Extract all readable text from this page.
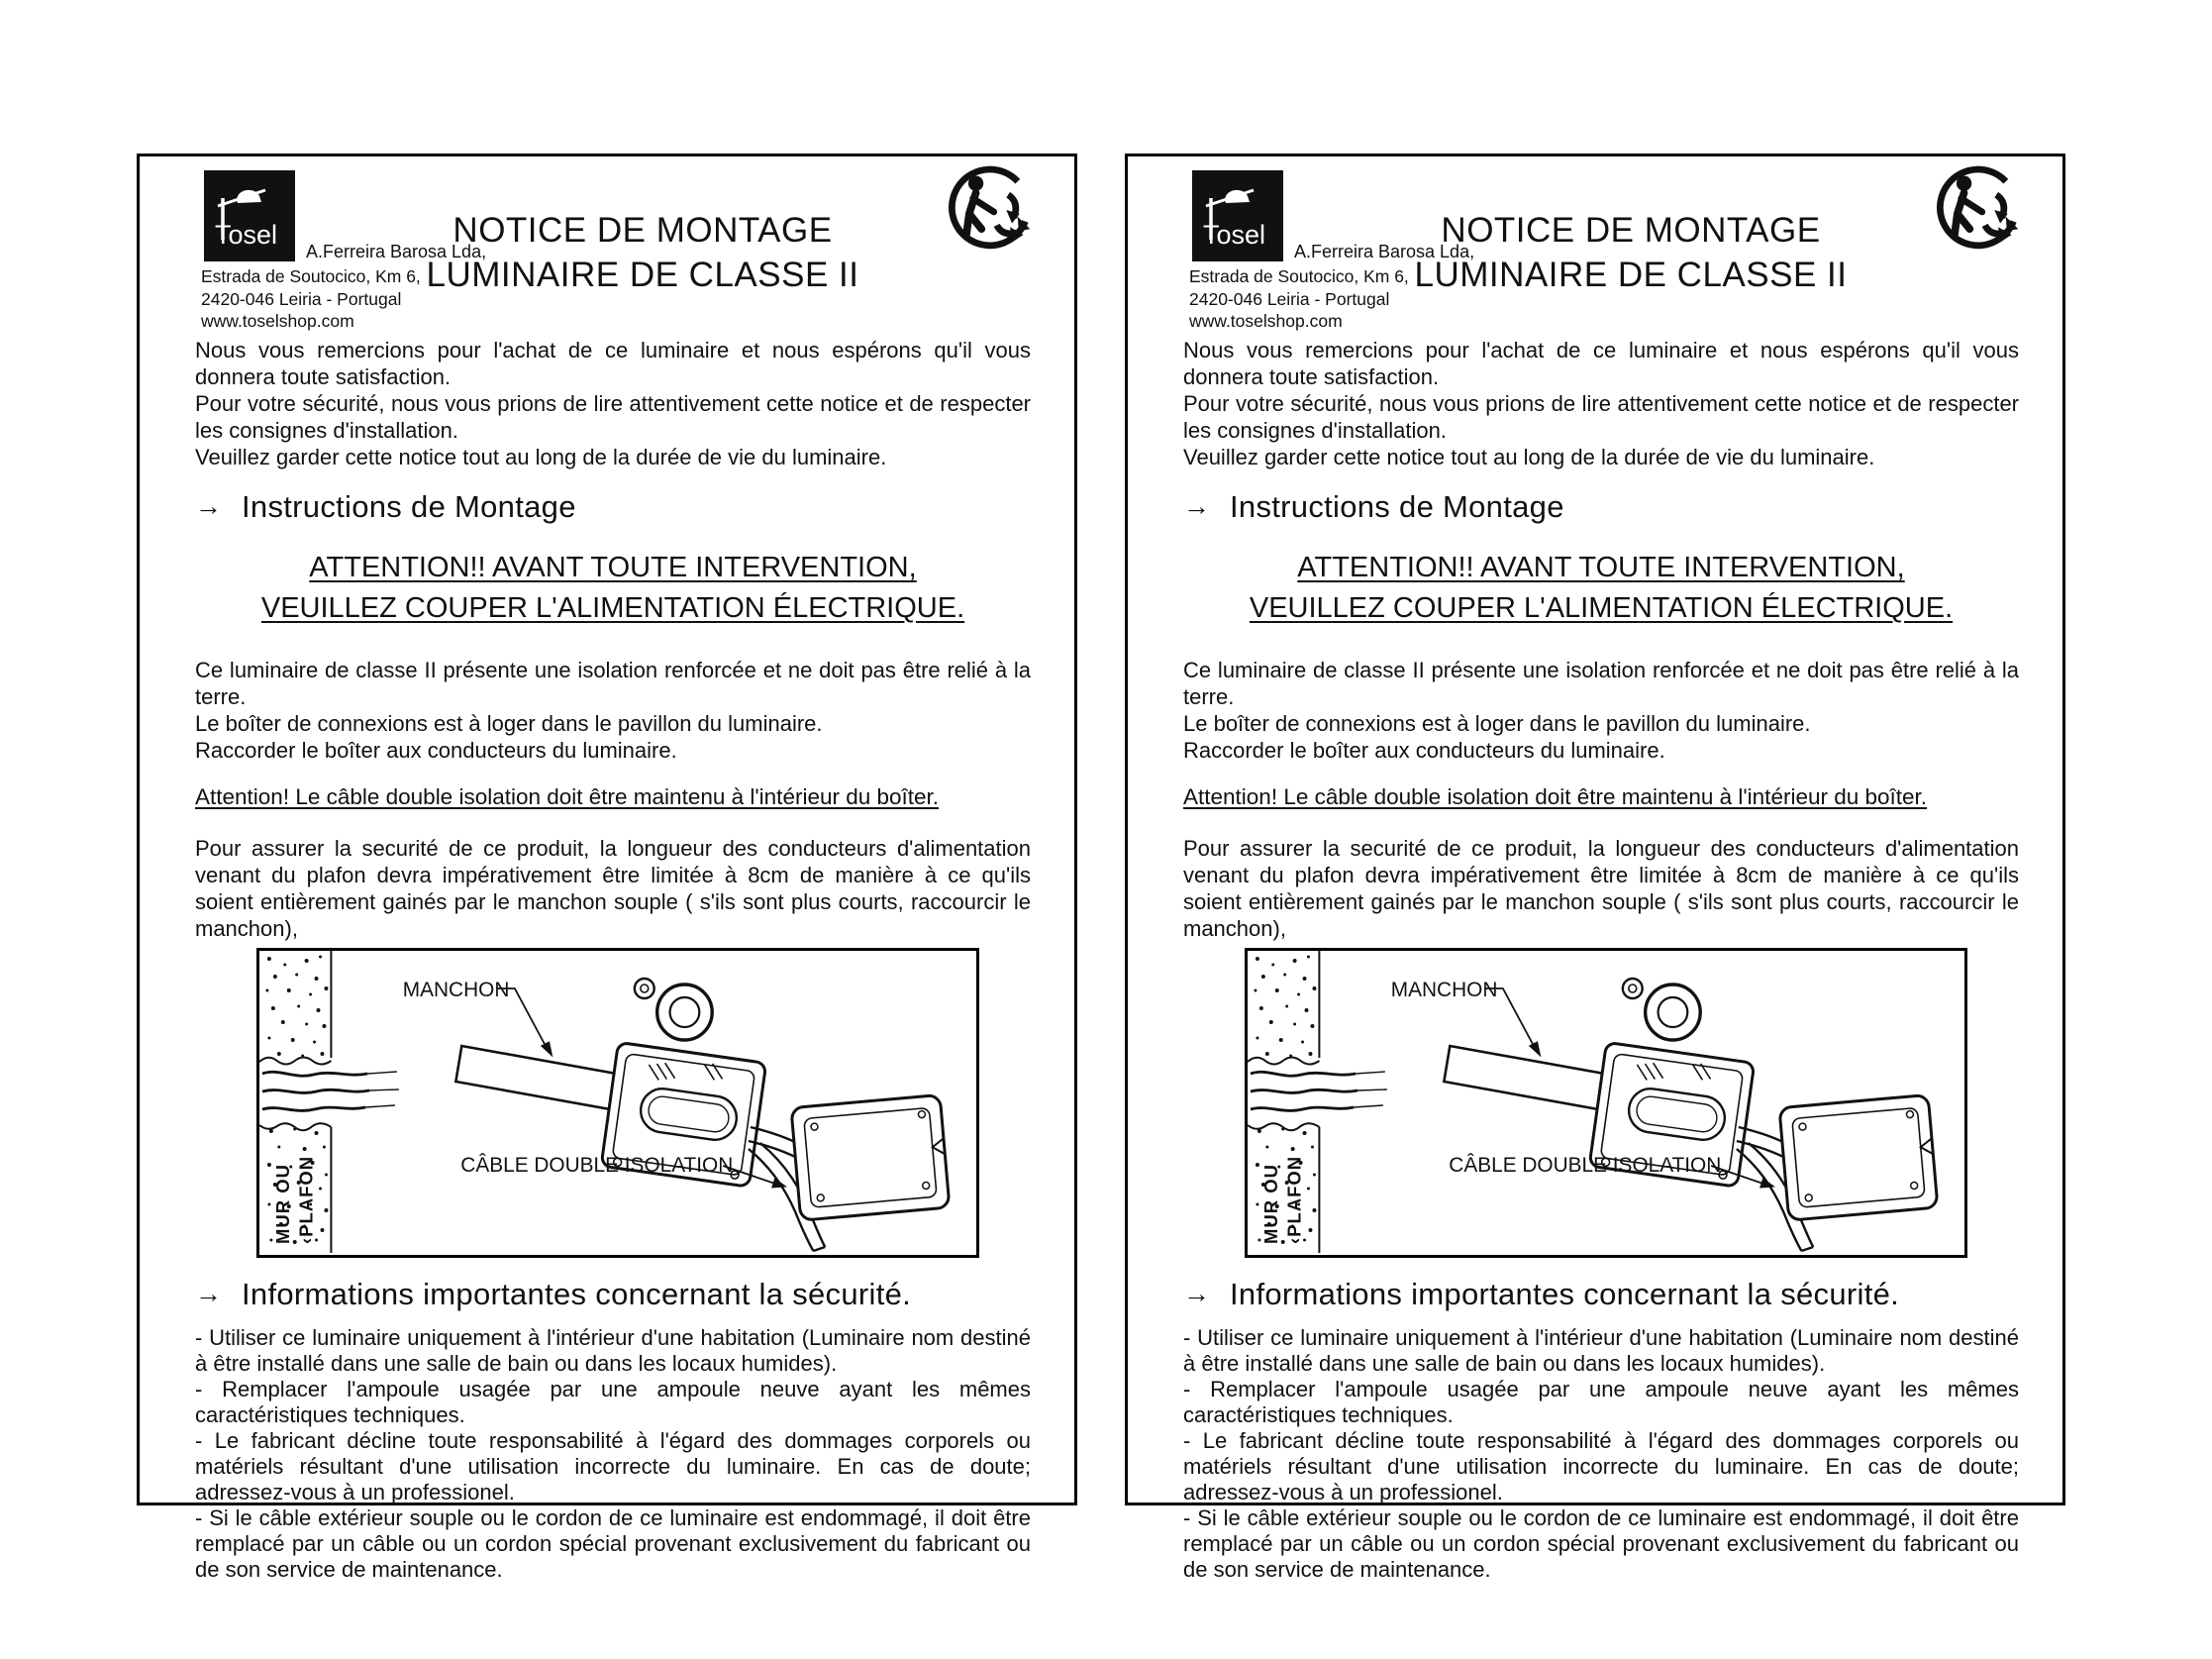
Tosel
A.Ferreira Barosa Lda,
Estrada de Soutocico, Km 6,
2420-046 Leiria - Portugal
www.toselshop.com
NOTICE DE MONTAGE
LUMINAIRE DE CLASSE II

Nous vous remercions pour l'achat de ce luminaire et nous espérons qu'il vous donnera toute satisfaction.

Pour votre sécurité, nous vous prions de lire attentivement cette notice et de respecter les consignes d'installation.

Veuillez garder cette notice tout au long de la durée de vie du luminaire.

→ Instructions de Montage
ATTENTION!! AVANT TOUTE INTERVENTION,
VEUILLEZ COUPER L'ALIMENTATION ÉLECTRIQUE.

Ce luminaire de classe II présente une isolation renforcée et ne doit pas être relié à la terre.

Le boîter de connexions est à loger dans le pavillon du luminaire.

Raccorder le boîter aux conducteurs du luminaire.

Attention! Le câble double isolation doit être maintenu à l'intérieur du boîter.

Pour assurer la securité de ce produit, la longueur des conducteurs d'alimentation venant du plafon devra impérativement être limitée à 8cm de manière à ce qu'ils soient entièrement gainés par le manchon souple ( s'ils sont plus courts, raccourcir le manchon),

MANCHON
CÂBLE DOUBLE ISOLATION
MUR OU ‹PLAFON
→ Informations importantes concernant la sécurité.

- Utiliser ce luminaire uniquement à l'intérieur d'une habitation (Luminaire nom destiné à être installé dans une salle de bain ou dans les locaux humides).

- Remplacer l'ampoule usagée par une ampoule neuve ayant les mêmes caractéristiques techniques.

- Le fabricant décline toute responsabilité à l'égard des dommages corporels ou matériels résultant d'une utilisation incorrecte du luminaire. En cas de doute; adressez-vous à un professionel.

- Si le câble extérieur souple ou le cordon de ce luminaire est endommagé, il doit être remplacé par un câble ou un cordon spécial provenant exclusivement du fabricant ou de son service de maintenance.

Tosel
A.Ferreira Barosa Lda,
Estrada de Soutocico, Km 6,
2420-046 Leiria - Portugal
www.toselshop.com
NOTICE DE MONTAGE
LUMINAIRE DE CLASSE II

Nous vous remercions pour l'achat de ce luminaire et nous espérons qu'il vous donnera toute satisfaction.

Pour votre sécurité, nous vous prions de lire attentivement cette notice et de respecter les consignes d'installation.

Veuillez garder cette notice tout au long de la durée de vie du luminaire.

→ Instructions de Montage
ATTENTION!! AVANT TOUTE INTERVENTION,
VEUILLEZ COUPER L'ALIMENTATION ÉLECTRIQUE.

Ce luminaire de classe II présente une isolation renforcée et ne doit pas être relié à la terre.

Le boîter de connexions est à loger dans le pavillon du luminaire.

Raccorder le boîter aux conducteurs du luminaire.

Attention! Le câble double isolation doit être maintenu à l'intérieur du boîter.

Pour assurer la securité de ce produit, la longueur des conducteurs d'alimentation venant du plafon devra impérativement être limitée à 8cm de manière à ce qu'ils soient entièrement gainés par le manchon souple ( s'ils sont plus courts, raccourcir le manchon),

MANCHON
CÂBLE DOUBLE ISOLATION
MUR OU ‹PLAFON
→ Informations importantes concernant la sécurité.

- Utiliser ce luminaire uniquement à l'intérieur d'une habitation (Luminaire nom destiné à être installé dans une salle de bain ou dans les locaux humides).

- Remplacer l'ampoule usagée par une ampoule neuve ayant les mêmes caractéristiques techniques.

- Le fabricant décline toute responsabilité à l'égard des dommages corporels ou matériels résultant d'une utilisation incorrecte du luminaire. En cas de doute; adressez-vous à un professionel.

- Si le câble extérieur souple ou le cordon de ce luminaire est endommagé, il doit être remplacé par un câble ou un cordon spécial provenant exclusivement du fabricant ou de son service de maintenance.
